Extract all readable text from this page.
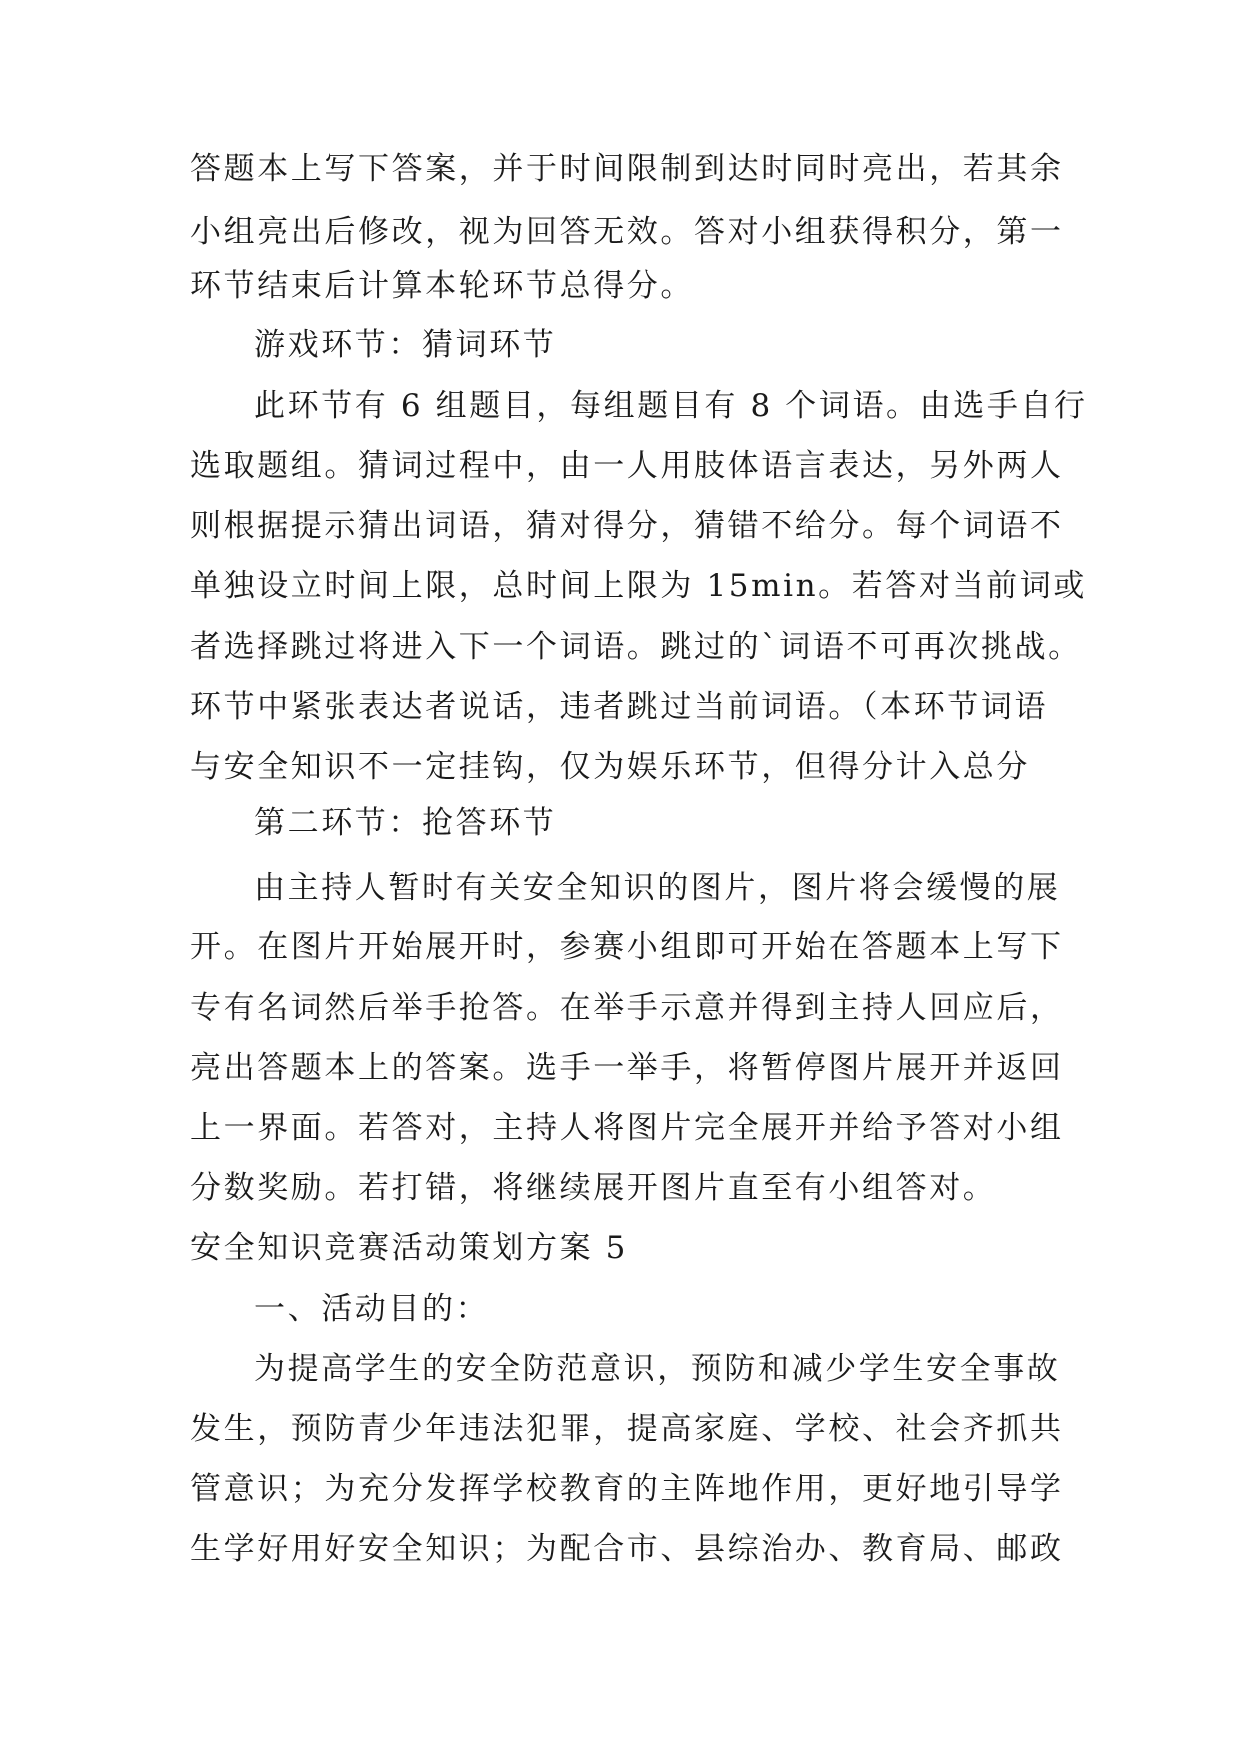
答题本上写下答案，并于时间限制到达时同时亮出，若其余
小组亮出后修改，视为回答无效。答对小组获得积分，第一
环节结束后计算本轮环节总得分。
游戏环节：猜词环节
此环节有 6 组题目，每组题目有 8 个词语。由选手自行
选取题组。猜词过程中，由一人用肢体语言表达，另外两人
则根据提示猜出词语，猜对得分，猜错不给分。每个词语不
单独设立时间上限，总时间上限为 15min。若答对当前词或
者选择跳过将进入下一个词语。跳过的`词语不可再次挑战。
环节中紧张表达者说话，违者跳过当前词语。（本环节词语
与安全知识不一定挂钩，仅为娱乐环节，但得分计入总分
第二环节：抢答环节
由主持人暂时有关安全知识的图片，图片将会缓慢的展
开。在图片开始展开时，参赛小组即可开始在答题本上写下
专有名词然后举手抢答。在举手示意并得到主持人回应后，
亮出答题本上的答案。选手一举手，将暂停图片展开并返回
上一界面。若答对，主持人将图片完全展开并给予答对小组
分数奖励。若打错，将继续展开图片直至有小组答对。
安全知识竞赛活动策划方案 5
一、活动目的：
为提高学生的安全防范意识，预防和减少学生安全事故
发生，预防青少年违法犯罪，提高家庭、学校、社会齐抓共
管意识；为充分发挥学校教育的主阵地作用，更好地引导学
生学好用好安全知识；为配合市、县综治办、教育局、邮政
